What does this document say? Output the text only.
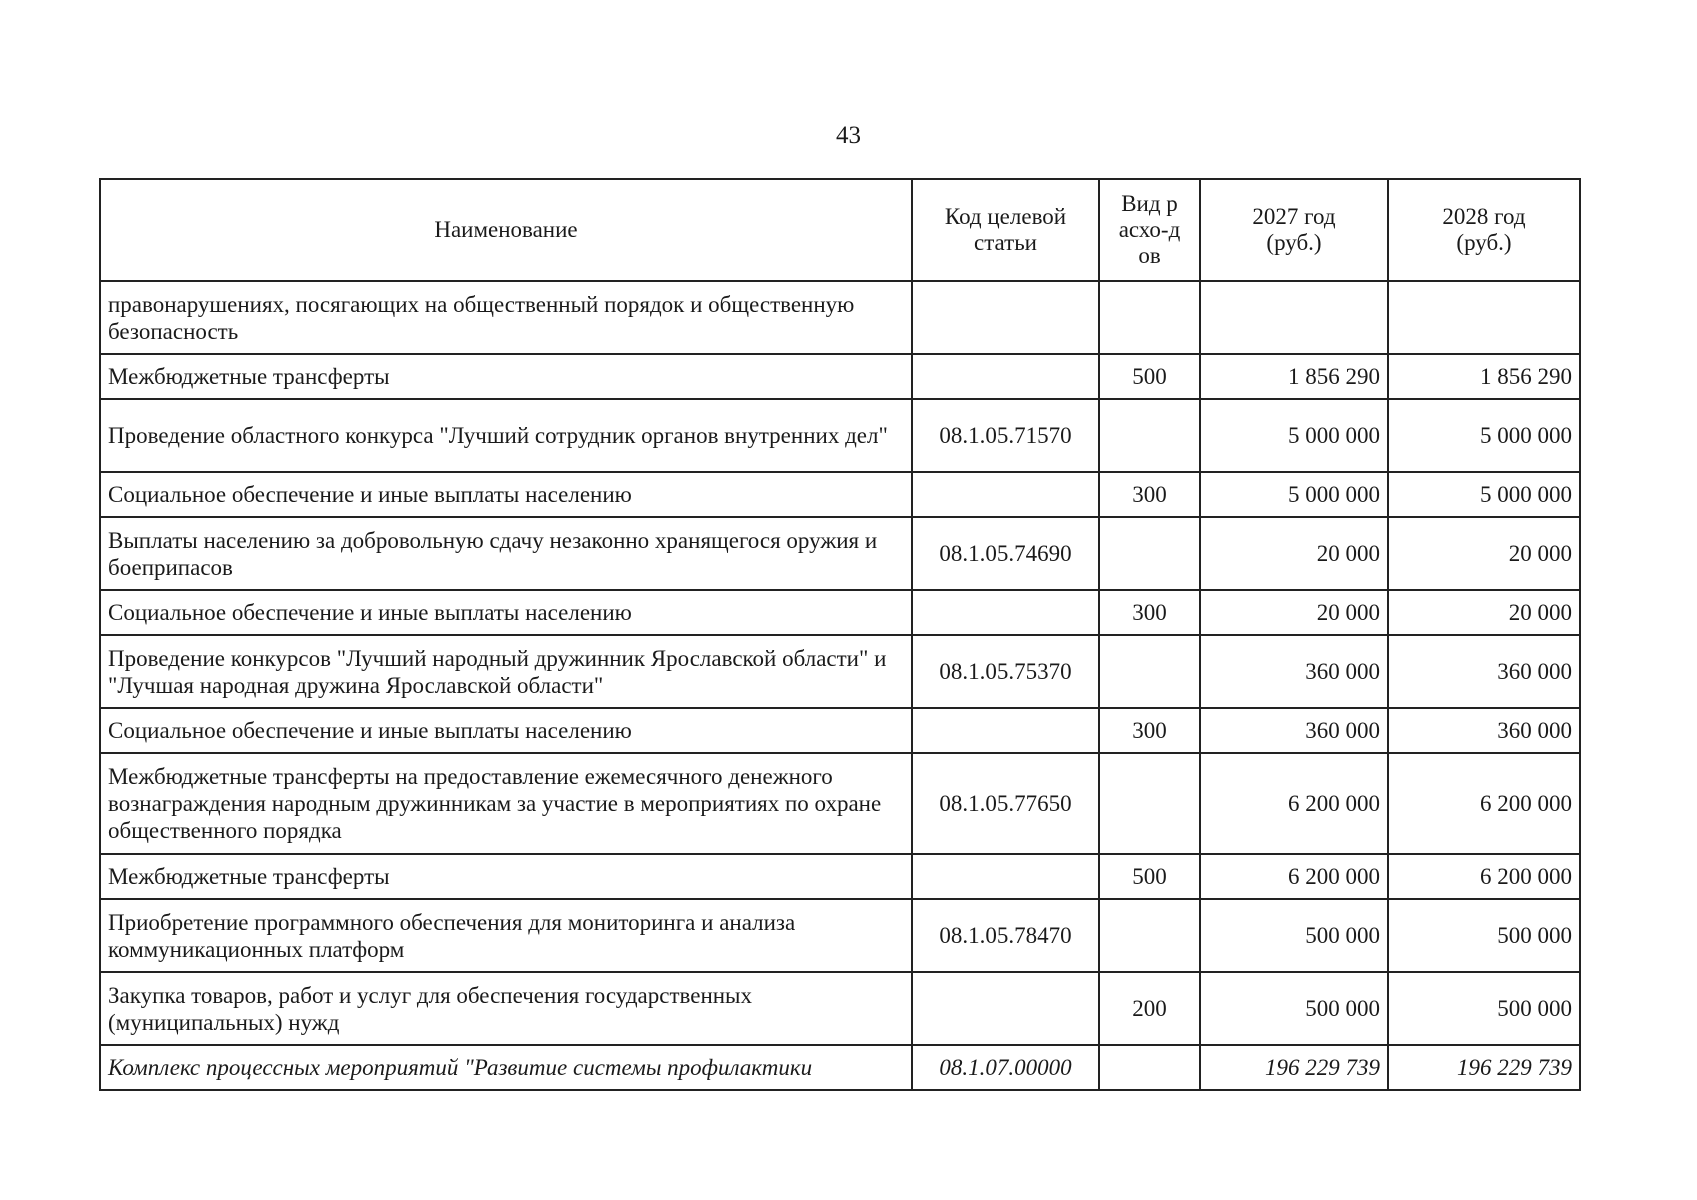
43
Наименование	Код целевой статьи	Вид расхо-дов	2027 год (руб.)	2028 год (руб.)

правонарушениях, посягающих на общественный порядок и общественную безопасность				
Межбюджетные трансферты		500	1 856 290	1 856 290
Проведение областного конкурса "Лучший сотрудник органов внутренних дел"	08.1.05.71570		5 000 000	5 000 000
Социальное обеспечение и иные выплаты населению		300	5 000 000	5 000 000
Выплаты населению за добровольную сдачу незаконно хранящегося оружия и боеприпасов	08.1.05.74690		20 000	20 000
Социальное обеспечение и иные выплаты населению		300	20 000	20 000
Проведение конкурсов "Лучший народный дружинник Ярославской области" и "Лучшая народная дружина Ярославской области"	08.1.05.75370		360 000	360 000
Социальное обеспечение и иные выплаты населению		300	360 000	360 000
Межбюджетные трансферты на предоставление ежемесячного денежного вознаграждения народным дружинникам за участие в мероприятиях по охране общественного порядка	08.1.05.77650		6 200 000	6 200 000
Межбюджетные трансферты		500	6 200 000	6 200 000
Приобретение программного обеспечения для мониторинга и анализа коммуникационных платформ	08.1.05.78470		500 000	500 000
Закупка товаров, работ и услуг для обеспечения государственных (муниципальных) нужд		200	500 000	500 000
Комплекс процессных мероприятий "Развитие системы профилактики	08.1.07.00000		196 229 739	196 229 739
